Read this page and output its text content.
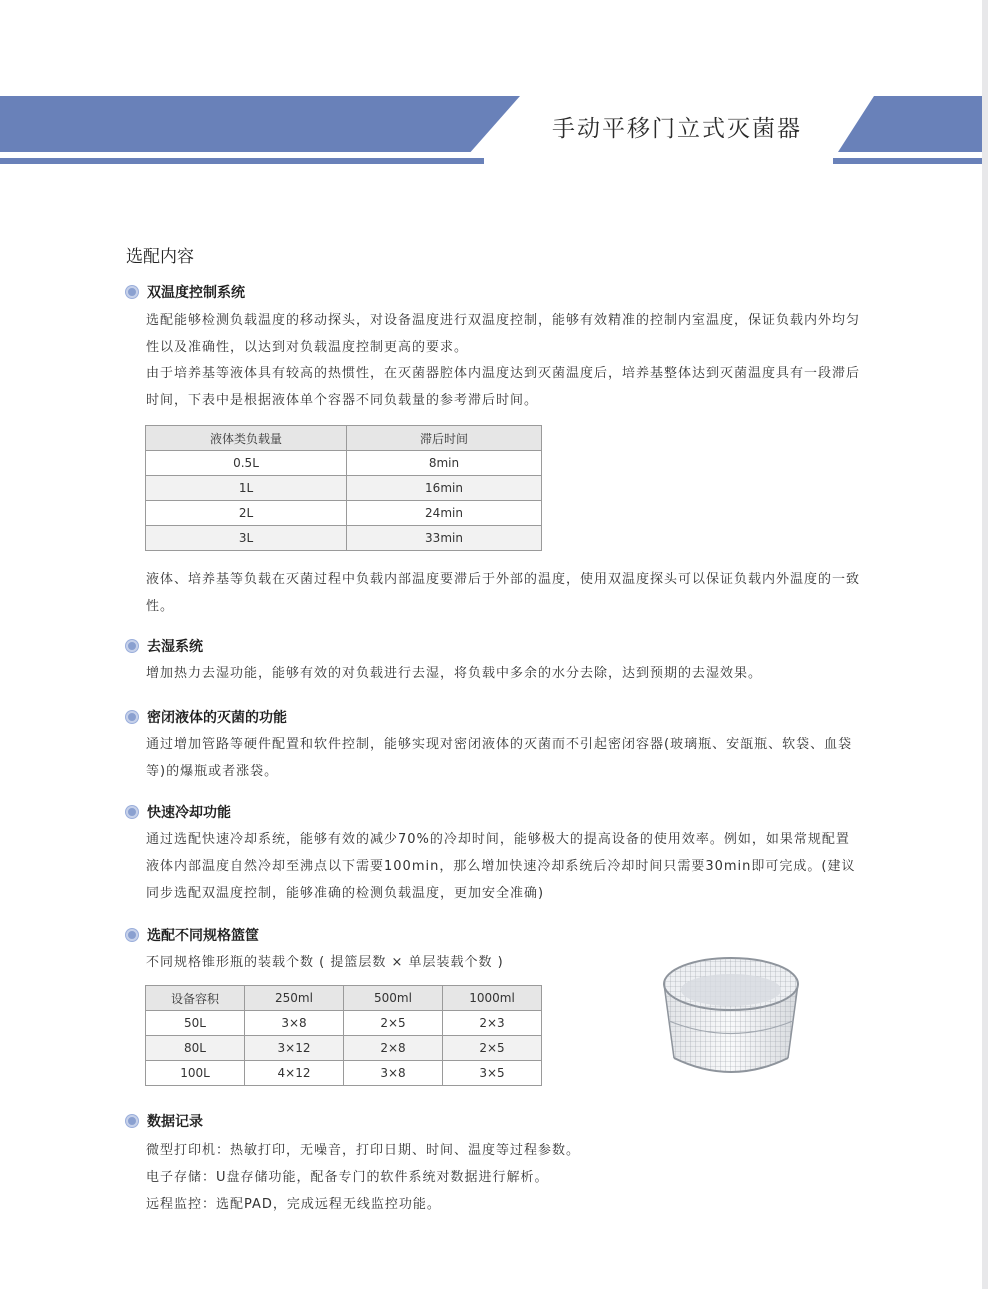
手动平移门立式灭菌器
选配内容
双温度控制系统

选配能够检测负载温度的移动探头，对设备温度进行双温度控制，能够有效精准的控制内室温度，保证负载内外均匀性以及准确性，以达到对负载温度控制更高的要求。

由于培养基等液体具有较高的热惯性，在灭菌器腔体内温度达到灭菌温度后，培养基整体达到灭菌温度具有一段滞后时间，下表中是根据液体单个容器不同负载量的参考滞后时间。

液体类负载量	滞后时间
0.5L	8min
1L	16min
2L	24min
3L	33min

液体、培养基等负载在灭菌过程中负载内部温度要滞后于外部的温度，使用双温度探头可以保证负载内外温度的一致性。

去湿系统

增加热力去湿功能，能够有效的对负载进行去湿，将负载中多余的水分去除，达到预期的去湿效果。

密闭液体的灭菌的功能

通过增加管路等硬件配置和软件控制，能够实现对密闭液体的灭菌而不引起密闭容器(玻璃瓶、安瓿瓶、软袋、血袋等)的爆瓶或者涨袋。

快速冷却功能

通过选配快速冷却系统，能够有效的减少70%的冷却时间，能够极大的提高设备的使用效率。例如，如果常规配置液体内部温度自然冷却至沸点以下需要100min，那么增加快速冷却系统后冷却时间只需要30min即可完成。(建议同步选配双温度控制，能够准确的检测负载温度，更加安全准确)

选配不同规格篮筐

不同规格锥形瓶的装载个数 ( 提篮层数 × 单层装载个数 )

设备容积	250ml	500ml	1000ml
50L	3×8	2×5	2×3
80L	3×12	2×8	2×5
100L	4×12	3×8	3×5
数据记录

微型打印机：热敏打印，无噪音，打印日期、时间、温度等过程参数。

电子存储：U盘存储功能，配备专门的软件系统对数据进行解析。

远程监控：选配PAD，完成远程无线监控功能。
